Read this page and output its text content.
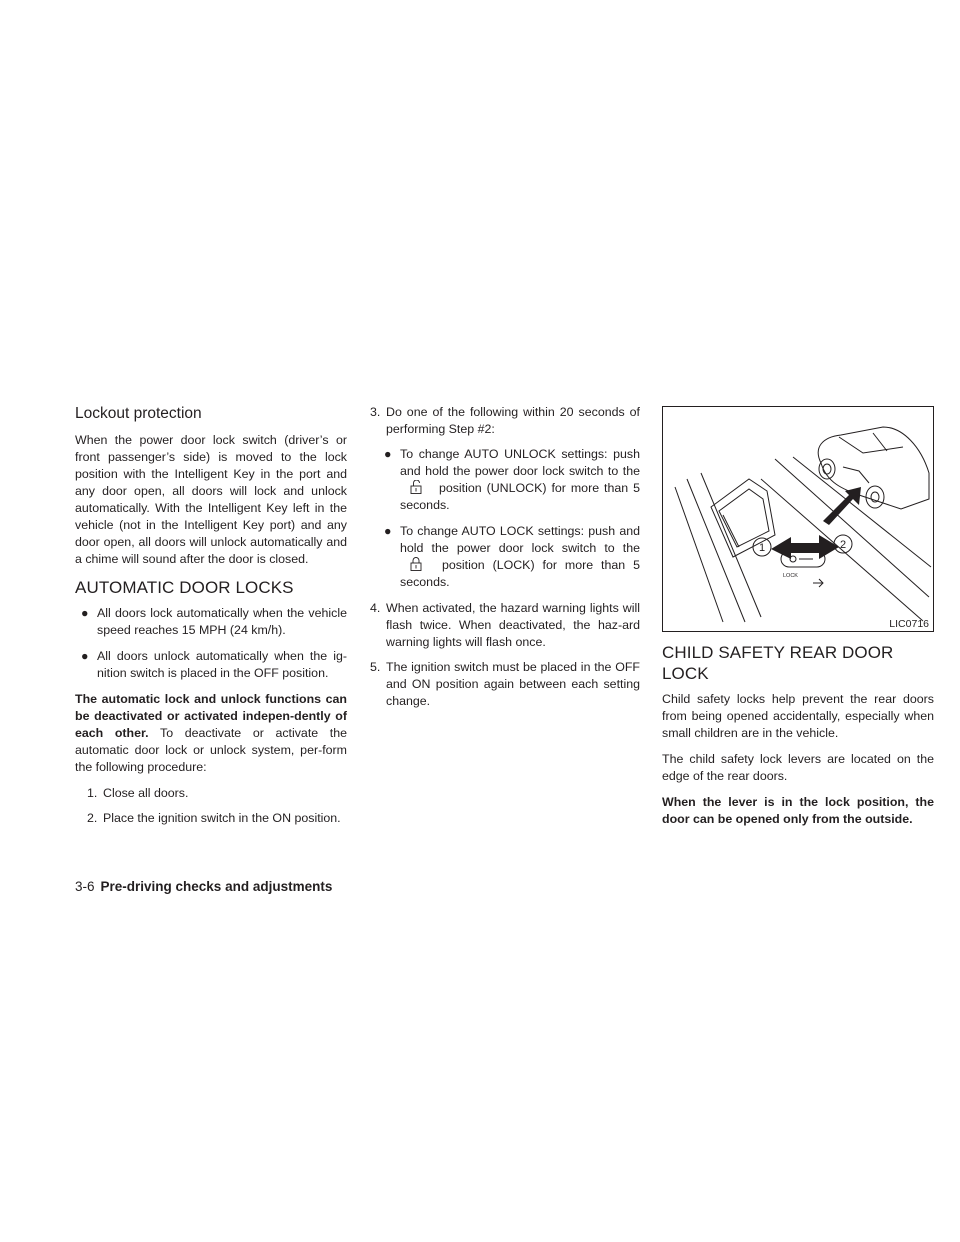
Lockout protection

When the power door lock switch (driver’s or front passenger’s side) is moved to the lock position with the Intelligent Key in the port and any door open, all doors will lock and unlock automatically. With the Intelligent Key left in the vehicle (not in the Intelligent Key port) and any door open, all doors will unlock automatically and a chime will sound after the door is closed.

AUTOMATIC DOOR LOCKS
● All doors lock automatically when the vehicle speed reaches 15 MPH (24 km/h).
● All doors unlock automatically when the ig-nition switch is placed in the OFF position.

The automatic lock and unlock functions can be deactivated or activated indepen-dently of each other. To deactivate or activate the automatic door lock or unlock system, per-form the following procedure:

1. Close all doors.
2. Place the ignition switch in the ON position.
3. Do one of the following within 20 seconds of performing Step #2:
● To change AUTO UNLOCK settings: push and hold the power door lock switch to the  position (UNLOCK) for more than 5 seconds.
● To change AUTO LOCK settings: push and hold the power door lock switch to the  position (LOCK) for more than 5 seconds.
4. When activated, the hazard warning lights will flash twice. When deactivated, the haz-ard warning lights will flash once.
5. The ignition switch must be placed in the OFF and ON position again between each setting change.
1	2
LOCK
LIC0716
CHILD SAFETY REAR DOOR LOCK

Child safety locks help prevent the rear doors from being opened accidentally, especially when small children are in the vehicle.

The child safety lock levers are located on the edge of the rear doors.

When the lever is in the lock position, the door can be opened only from the outside.

3-6 Pre-driving checks and adjustments
